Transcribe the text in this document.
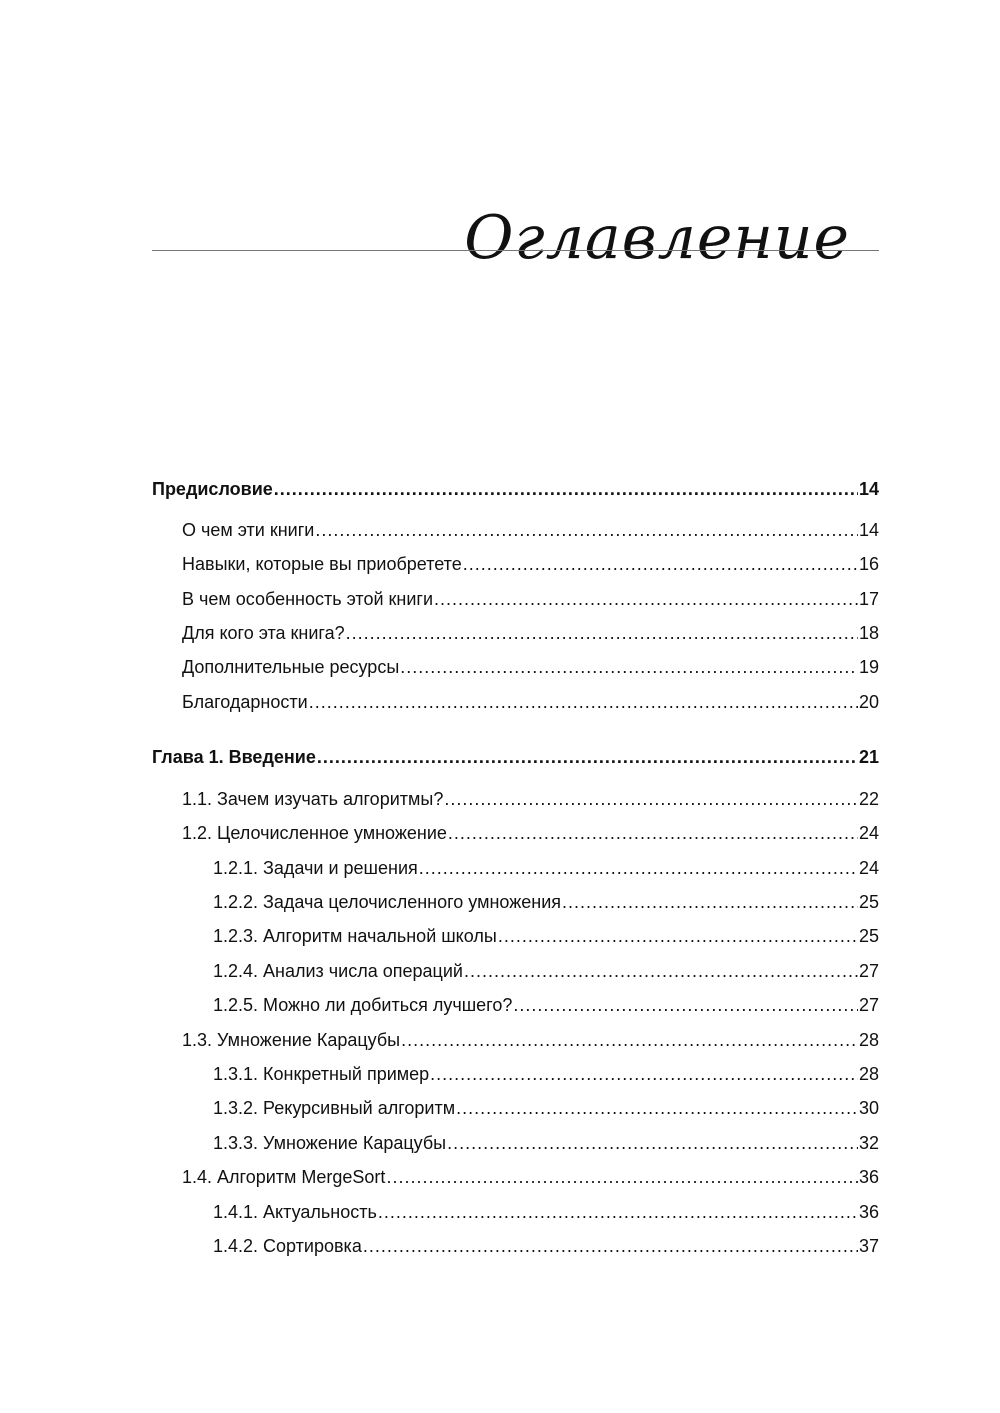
Оглавление
Предисловие .....	14
О чем эти книги .....	14
Навыки, которые вы приобретете .....	16
В чем особенность этой книги .....	17
Для кого эта книга? .....	18
Дополнительные ресурсы .....	19
Благодарности .....	20
Глава 1. Введение .....	21
1.1. Зачем изучать алгоритмы? .....	22
1.2. Целочисленное умножение .....	24
1.2.1. Задачи и решения .....	24
1.2.2. Задача целочисленного умножения .....	25
1.2.3. Алгоритм начальной школы .....	25
1.2.4. Анализ числа операций .....	27
1.2.5. Можно ли добиться лучшего? .....	27
1.3. Умножение Карацубы .....	28
1.3.1. Конкретный пример .....	28
1.3.2. Рекурсивный алгоритм .....	30
1.3.3. Умножение Карацубы .....	32
1.4. Алгоритм MergeSort .....	36
1.4.1. Актуальность .....	36
1.4.2. Сортировка .....	37
